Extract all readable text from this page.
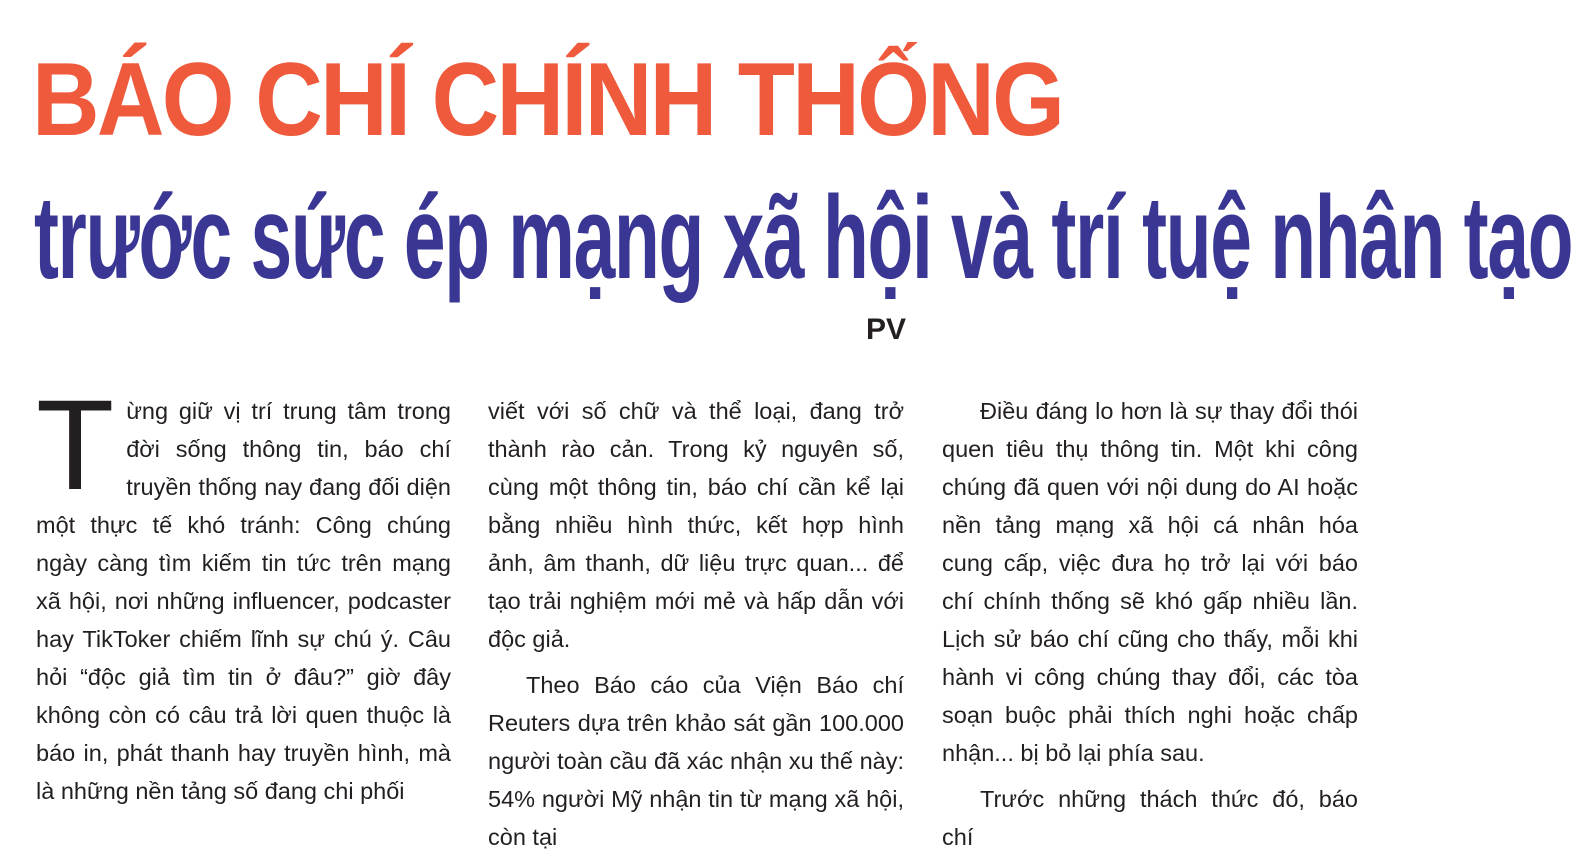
BÁO CHÍ CHÍNH THỐNG
trước sức ép mạng xã hội và trí tuệ nhân tạo
PV

Từng giữ vị trí trung tâm trong đời sống thông tin, báo chí truyền thống nay đang đối diện một thực tế khó tránh: Công chúng ngày càng tìm kiếm tin tức trên mạng xã hội, nơi những influencer, podcaster hay TikToker chiếm lĩnh sự chú ý. Câu hỏi “độc giả tìm tin ở đâu?” giờ đây không còn có câu trả lời quen thuộc là báo in, phát thanh hay truyền hình, mà là những nền tảng số đang chi phối

viết với số chữ và thể loại, đang trở thành rào cản. Trong kỷ nguyên số, cùng một thông tin, báo chí cần kể lại bằng nhiều hình thức, kết hợp hình ảnh, âm thanh, dữ liệu trực quan... để tạo trải nghiệm mới mẻ và hấp dẫn với độc giả.

Theo Báo cáo của Viện Báo chí Reuters dựa trên khảo sát gần 100.000 người toàn cầu đã xác nhận xu thế này: 54% người Mỹ nhận tin từ mạng xã hội, còn tại

Điều đáng lo hơn là sự thay đổi thói quen tiêu thụ thông tin. Một khi công chúng đã quen với nội dung do AI hoặc nền tảng mạng xã hội cá nhân hóa cung cấp, việc đưa họ trở lại với báo chí chính thống sẽ khó gấp nhiều lần. Lịch sử báo chí cũng cho thấy, mỗi khi hành vi công chúng thay đổi, các tòa soạn buộc phải thích nghi hoặc chấp nhận... bị bỏ lại phía sau.

Trước những thách thức đó, báo chí
